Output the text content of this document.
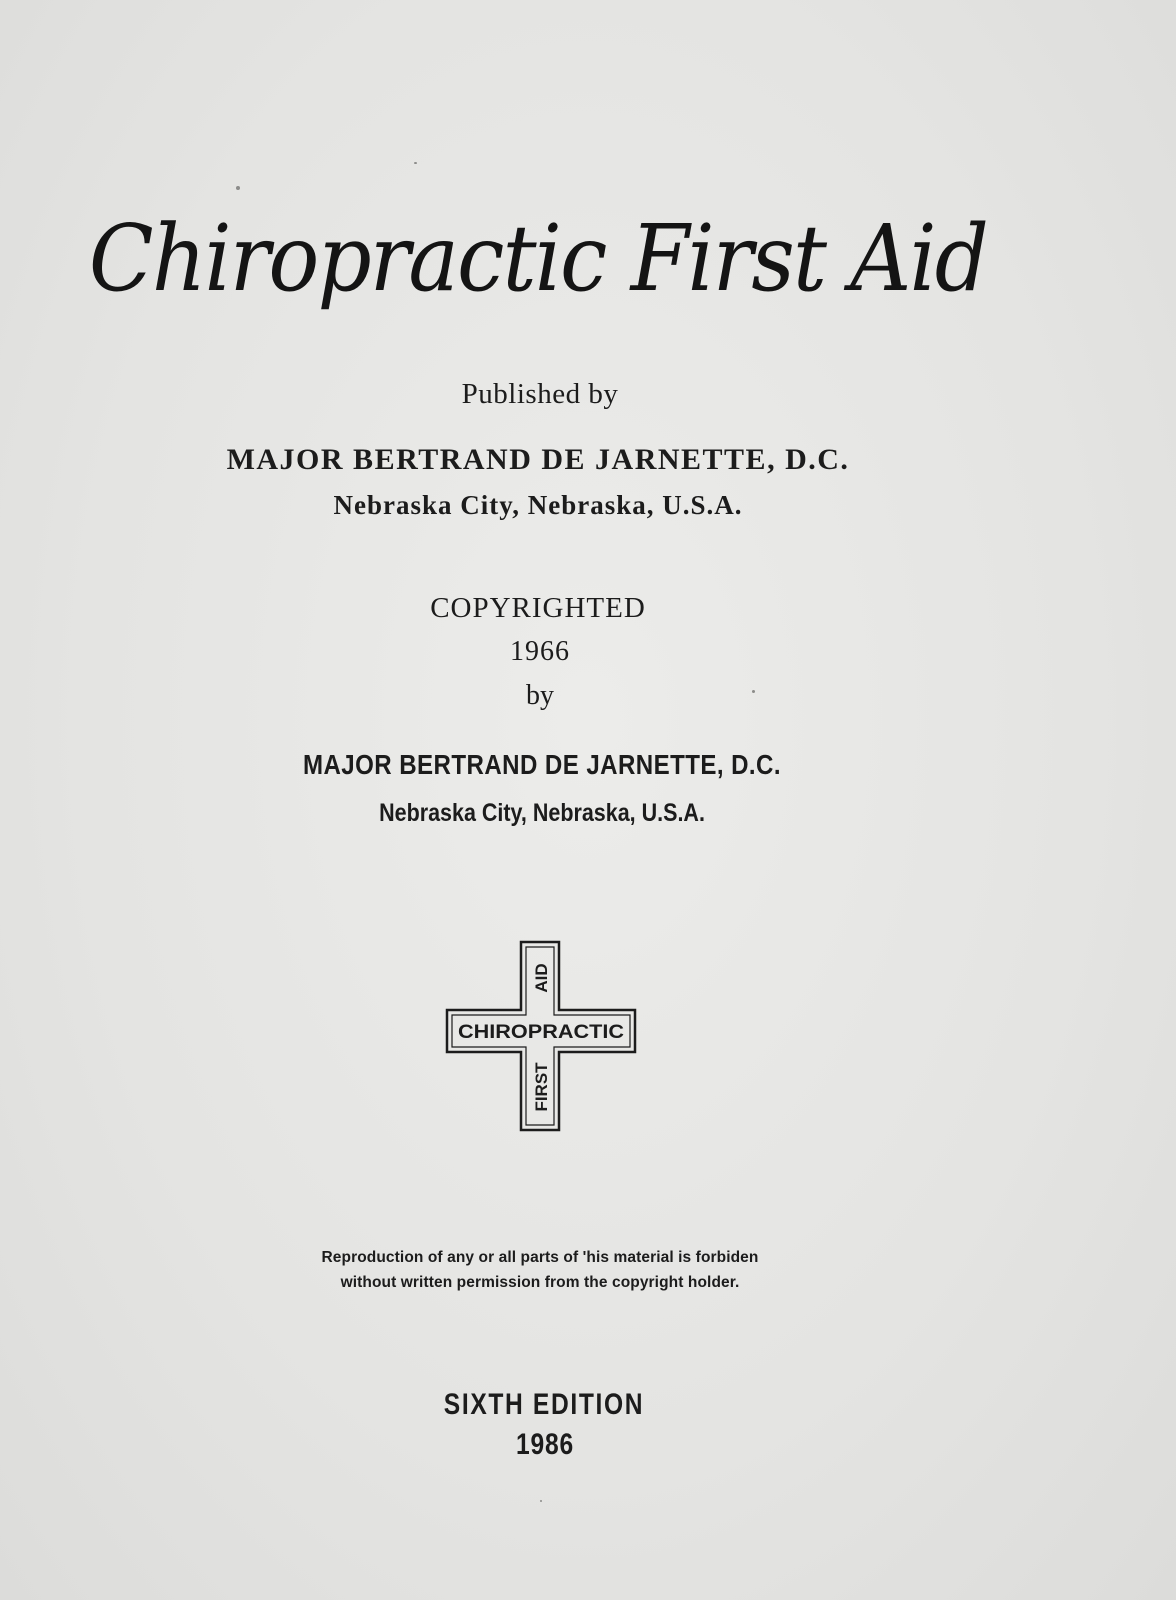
Chiropractic First Aid
Published by
MAJOR BERTRAND DE JARNETTE, D.C.
Nebraska City, Nebraska, U.S.A.
COPYRIGHTED
1966
by
MAJOR BERTRAND DE JARNETTE, D.C.
Nebraska City, Nebraska, U.S.A.
CHIROPRACTIC
AID
FIRST
Reproduction of any or all parts of 'his material is forbiden
without written permission from the copyright holder.
SIXTH EDITION
1986
